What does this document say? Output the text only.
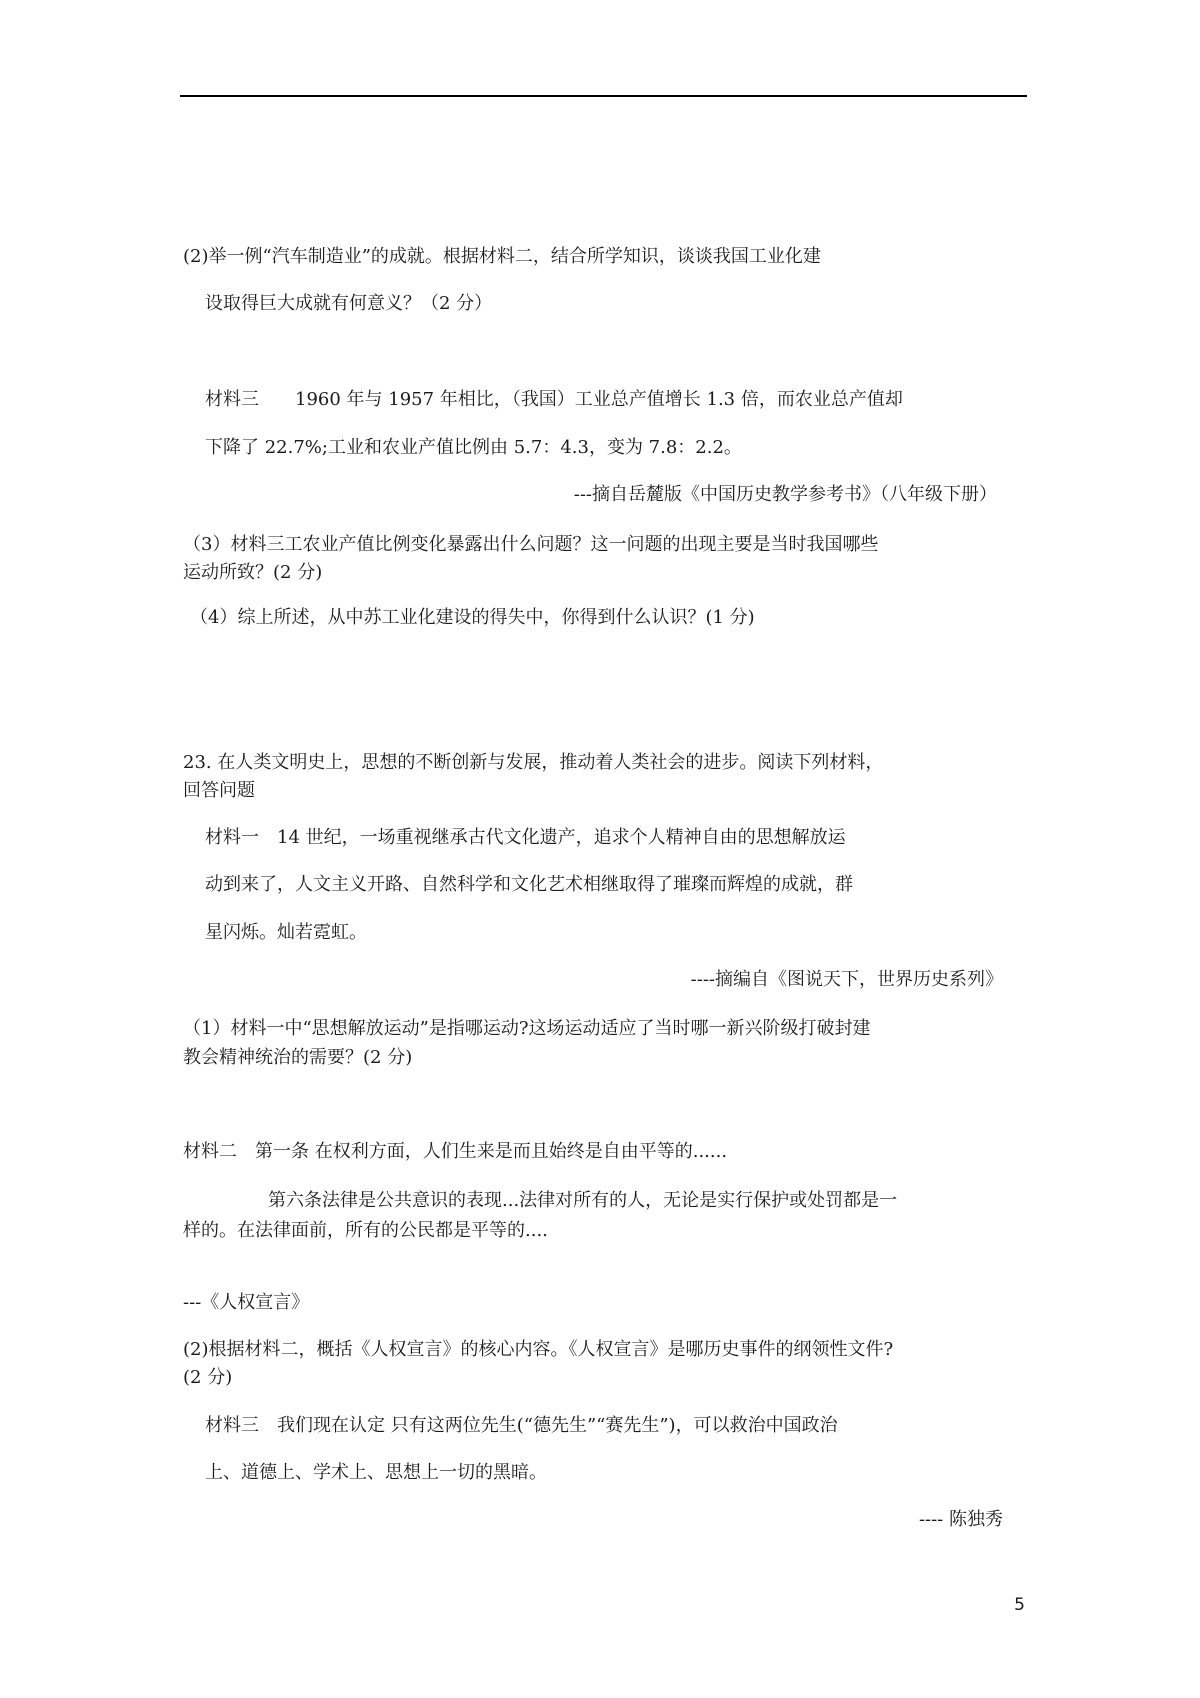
(2)举一例“汽车制造业”的成就。根据材料二，结合所学知识，谈谈我国工业化建
设取得巨大成就有何意义？（2 分）
材料三　　1960 年与 1957 年相比，（我国）工业总产值增长 1.3 倍，而农业总产值却
下降了 22.7%;工业和农业产值比例由 5.7：4.3，变为 7.8：2.2。
---摘自岳麓版《中国历史教学参考书》（八年级下册）
（3）材料三工农业产值比例变化暴露出什么问题？这一问题的出现主要是当时我国哪些
运动所致？(2 分)
（4）综上所述，从中苏工业化建设的得失中，你得到什么认识？(1 分)
23. 在人类文明史上，思想的不断创新与发展，推动着人类社会的进步。阅读下列材料，
回答问题
材料一　14 世纪，一场重视继承古代文化遗产，追求个人精神自由的思想解放运
动到来了，人文主义开路、自然科学和文化艺术相继取得了璀璨而辉煌的成就，群
星闪烁。灿若霓虹。
----摘编自《图说天下，世界历史系列》
（1）材料一中“思想解放运动”是指哪运动?这场运动适应了当时哪一新兴阶级打破封建
教会精神统治的需要？(2 分)
材料二　第一条 在权利方面，人们生来是而且始终是自由平等的......
第六条法律是公共意识的表现...法律对所有的人，无论是实行保护或处罚都是一
样的。在法律面前，所有的公民都是平等的....
---《人权宣言》
(2)根据材料二，概括《人权宣言》的核心内容。《人权宣言》是哪历史事件的纲领性文件?
(2 分)
材料三　我们现在认定 只有这两位先生(“德先生”“赛先生”)，可以救治中国政治
上、道德上、学术上、思想上一切的黑暗。
---- 陈独秀
5
